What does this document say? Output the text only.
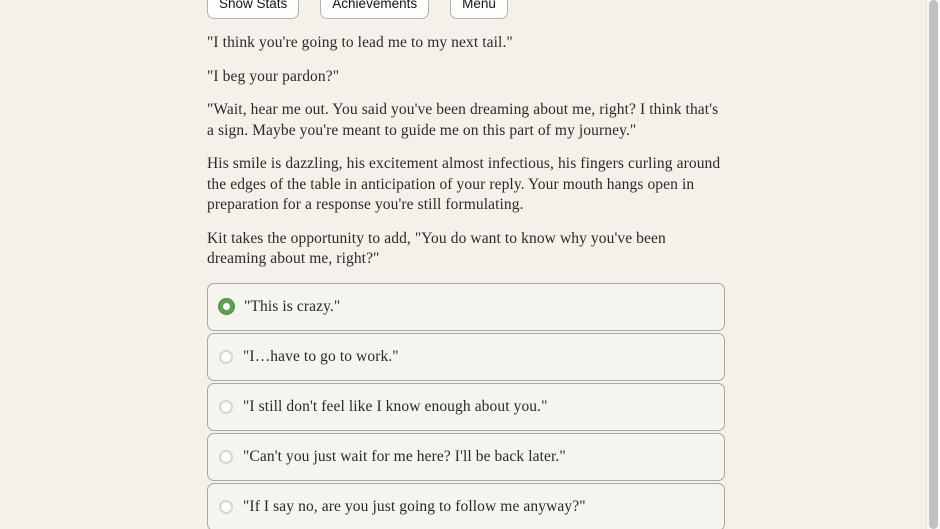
Show Stats	Achievements	Menu

"I think you're going to lead me to my next tail."

"I beg your pardon?"

"Wait, hear me out. You said you've been dreaming about me, right? I think that's a sign. Maybe you're meant to guide me on this part of my journey."

His smile is dazzling, his excitement almost infectious, his fingers curling around the edges of the table in anticipation of your reply. Your mouth hangs open in preparation for a response you're still formulating.

Kit takes the opportunity to add, "You do want to know why you've been dreaming about me, right?"

"This is crazy."
"I…have to go to work."
"I still don't feel like I know enough about you."
"Can't you just wait for me here? I'll be back later."
"If I say no, are you just going to follow me anyway?"
